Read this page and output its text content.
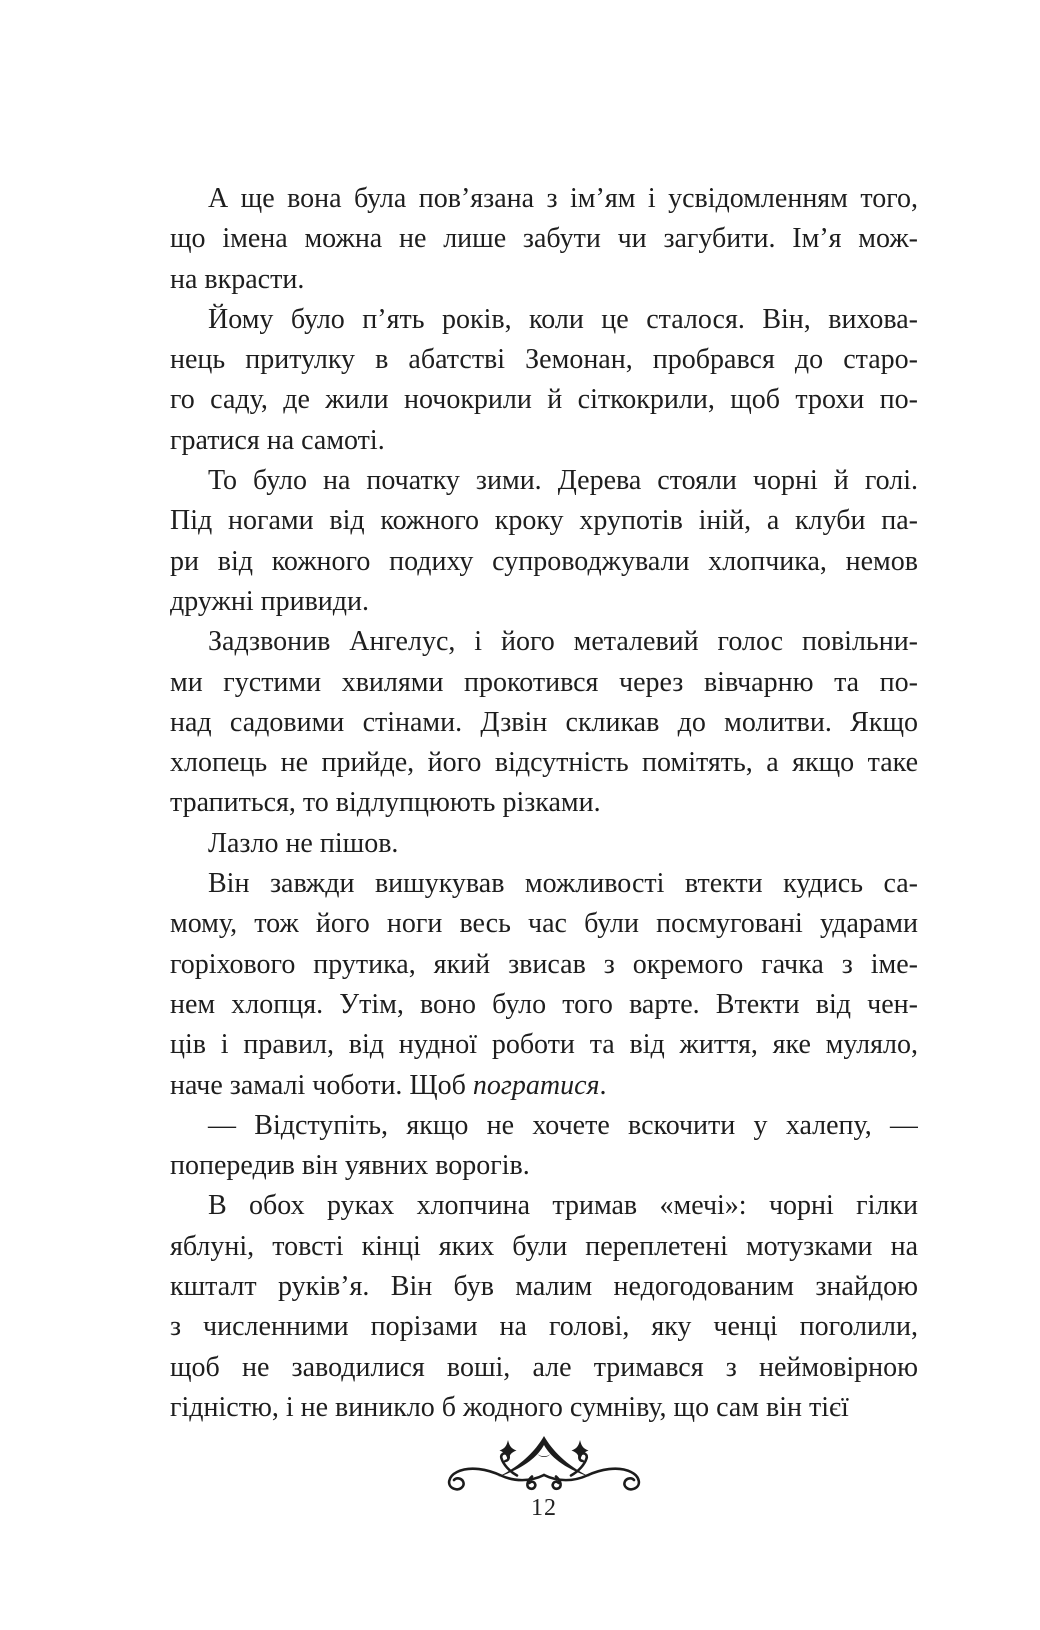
А ще вона була пов’язана з ім’ям і усвідомленням того,
що імена можна не лише забути чи загубити. Ім’я мож-
на вкрасти.
Йому було п’ять років, коли це сталося. Він, вихова-
нець притулку в абатстві Земонан, пробрався до старо-
го саду, де жили ночокрили й сіткокрили, щоб трохи по-
гратися на самоті.
То було на початку зими. Дерева стояли чорні й голі.
Під ногами від кожного кроку хрупотів іній, а клуби па-
ри від кожного подиху супроводжували хлопчика, немов
дружні привиди.
Задзвонив Ангелус, і його металевий голос повільни-
ми густими хвилями прокотився через вівчарню та по-
над садовими стінами. Дзвін скликав до молитви. Якщо
хлопець не прийде, його відсутність помітять, а якщо таке
трапиться, то відлупцюють різками.
Лазло не пішов.
Він завжди вишукував можливості втекти кудись са-
мому, тож його ноги весь час були посмуговані ударами
горіхового прутика, який звисав з окремого гачка з іме-
нем хлопця. Утім, воно було того варте. Втекти від чен-
ців і правил, від нудної роботи та від життя, яке муляло,
наче замалі чоботи. Щоб погратися.
— Відступіть, якщо не хочете вскочити у халепу, —
попередив він уявних ворогів.
В обох руках хлопчина тримав «мечі»: чорні гілки
яблуні, товсті кінці яких були переплетені мотузками на
кшталт руків’я. Він був малим недогодованим знайдою
з численними порізами на голові, яку ченці поголили,
щоб не заводилися воші, але тримався з неймовірною
гідністю, і не виникло б жодного сумніву, що сам він тієї
12
